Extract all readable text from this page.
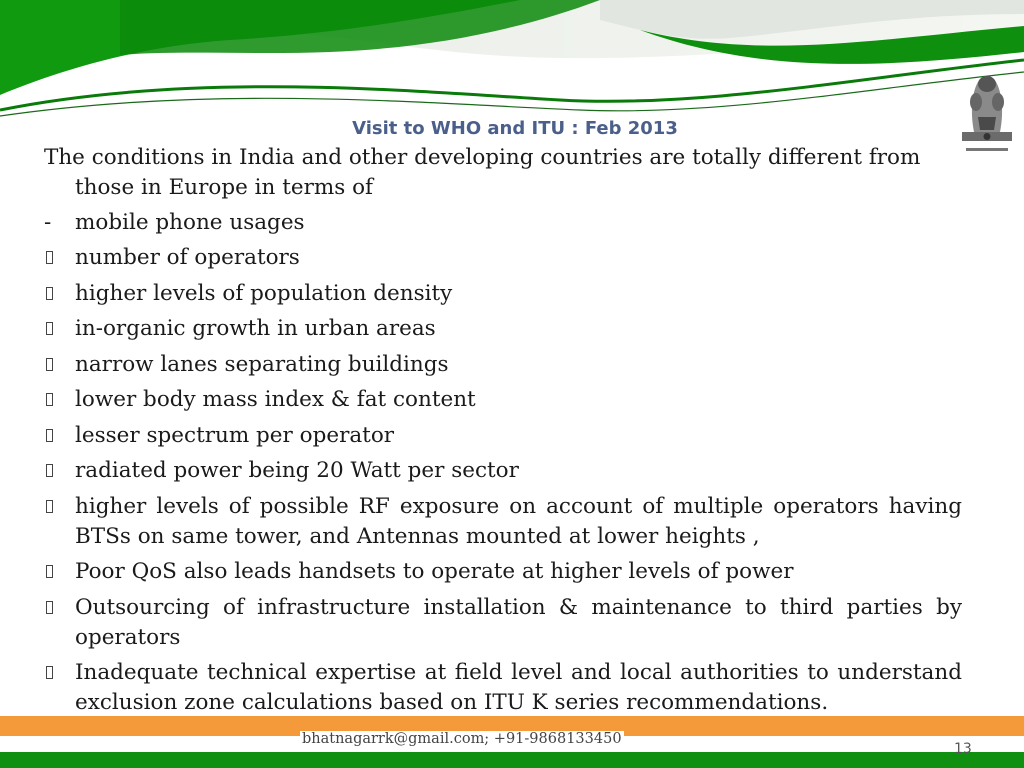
Visit to WHO and ITU : Feb 2013

The conditions in India and other developing countries are totally different from those in Europe in terms of

- mobile phone usages

number of operators
higher levels of population density
in-organic growth in urban areas
narrow lanes separating buildings
lower body mass index & fat content
lesser spectrum per operator
radiated power being 20 Watt per sector
higher levels of possible RF exposure on account of multiple operators having BTSs on same tower, and Antennas mounted at lower heights ,
Poor QoS also leads handsets to operate at higher levels of power
Outsourcing of infrastructure installation & maintenance to third parties by operators
Inadequate technical expertise at field level and local authorities to understand exclusion zone calculations based on ITU K series recommendations.
bhatnagarrk@gmail.com; +91-9868133450
13
